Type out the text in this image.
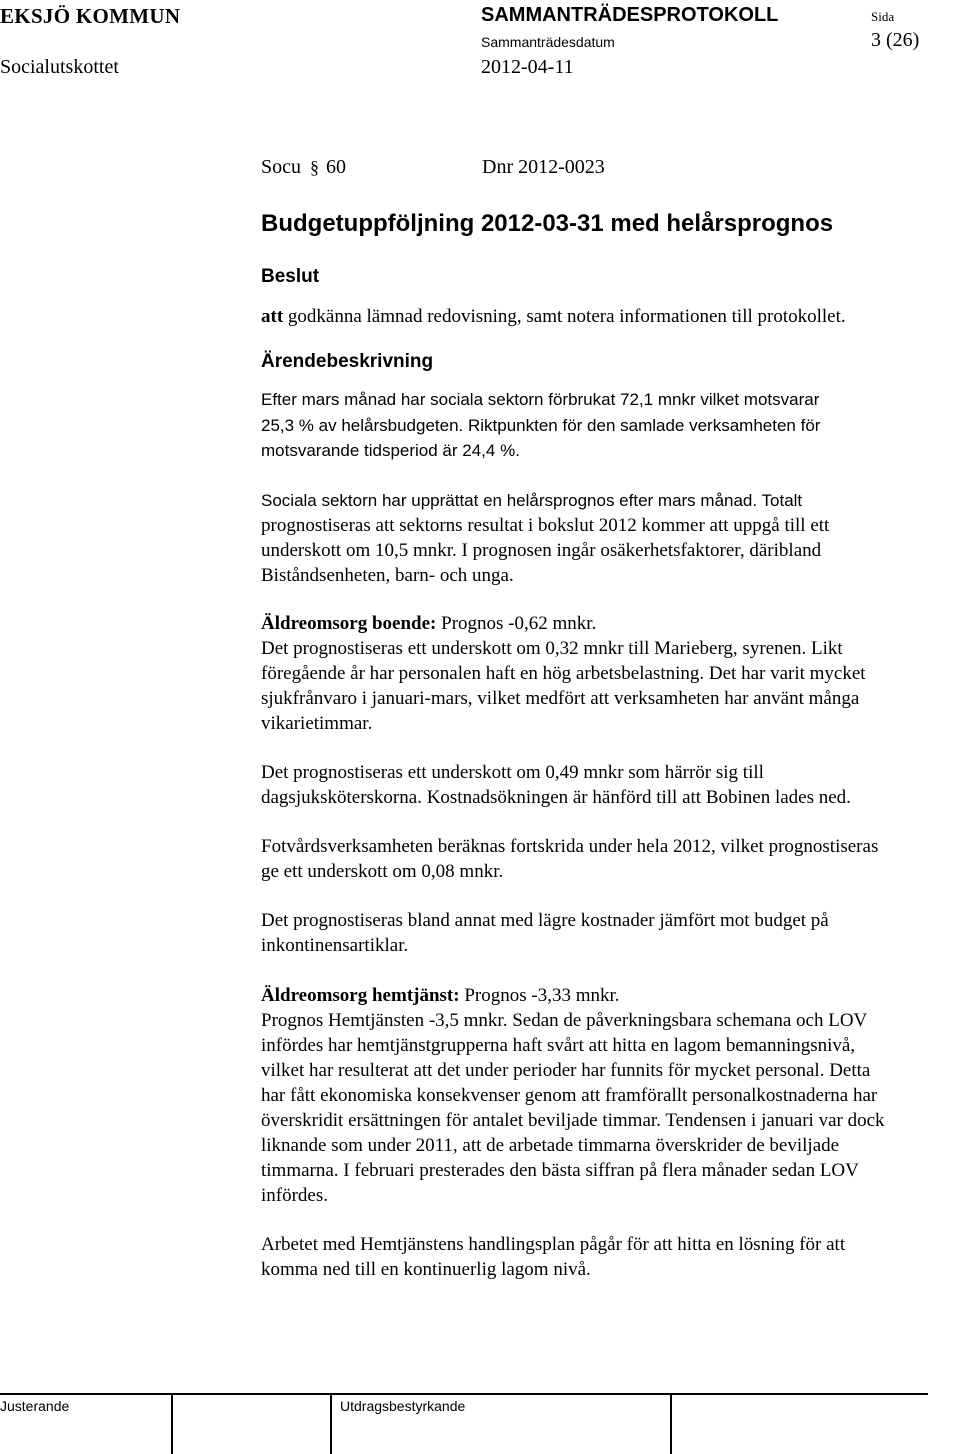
EKSJÖ KOMMUN
Socialutskottet
SAMMANTRÄDESPROTOKOLL
Sammanträdesdatum
2012-04-11
Sida
3 (26)
Socu § 60	Dnr 2012-0023
Budgetuppföljning 2012-03-31 med helårsprognos
Beslut
att godkänna lämnad redovisning, samt notera informationen till protokollet.
Ärendebeskrivning

Efter mars månad har sociala sektorn förbrukat 72,1 mnkr vilket motsvarar

25,3 % av helårsbudgeten. Riktpunkten för den samlade verksamheten för

motsvarande tidsperiod är 24,4 %.

Sociala sektorn har upprättat en helårsprognos efter mars månad. Totalt

prognostiseras att sektorns resultat i bokslut 2012 kommer att uppgå till ett

underskott om 10,5 mnkr. I prognosen ingår osäkerhetsfaktorer, däribland

Biståndsenheten, barn- och unga.

Äldreomsorg boende: Prognos -0,62 mnkr.

Det prognostiseras ett underskott om 0,32 mnkr till Marieberg, syrenen. Likt

föregående år har personalen haft en hög arbetsbelastning. Det har varit mycket

sjukfrånvaro i januari-mars, vilket medfört att verksamheten har använt många

vikarietimmar.

Det prognostiseras ett underskott om 0,49 mnkr som härrör sig till

dagsjuksköterskorna. Kostnadsökningen är hänförd till att Bobinen lades ned.

Fotvårdsverksamheten beräknas fortskrida under hela 2012, vilket prognostiseras

ge ett underskott om 0,08 mnkr.

Det prognostiseras bland annat med lägre kostnader jämfört mot budget på

inkontinensartiklar.

Äldreomsorg hemtjänst: Prognos -3,33 mnkr.

Prognos Hemtjänsten -3,5 mnkr. Sedan de påverkningsbara schemana och LOV

infördes har hemtjänstgrupperna haft svårt att hitta en lagom bemanningsnivå,

vilket har resulterat att det under perioder har funnits för mycket personal. Detta

har fått ekonomiska konsekvenser genom att framförallt personalkostnaderna har

överskridit ersättningen för antalet beviljade timmar. Tendensen i januari var dock

liknande som under 2011, att de arbetade timmarna överskrider de beviljade

timmarna. I februari presterades den bästa siffran på flera månader sedan LOV

infördes.

Arbetet med Hemtjänstens handlingsplan pågår för att hitta en lösning för att

komma ned till en kontinuerlig lagom nivå.

Justerande	Utdragsbestyrkande
